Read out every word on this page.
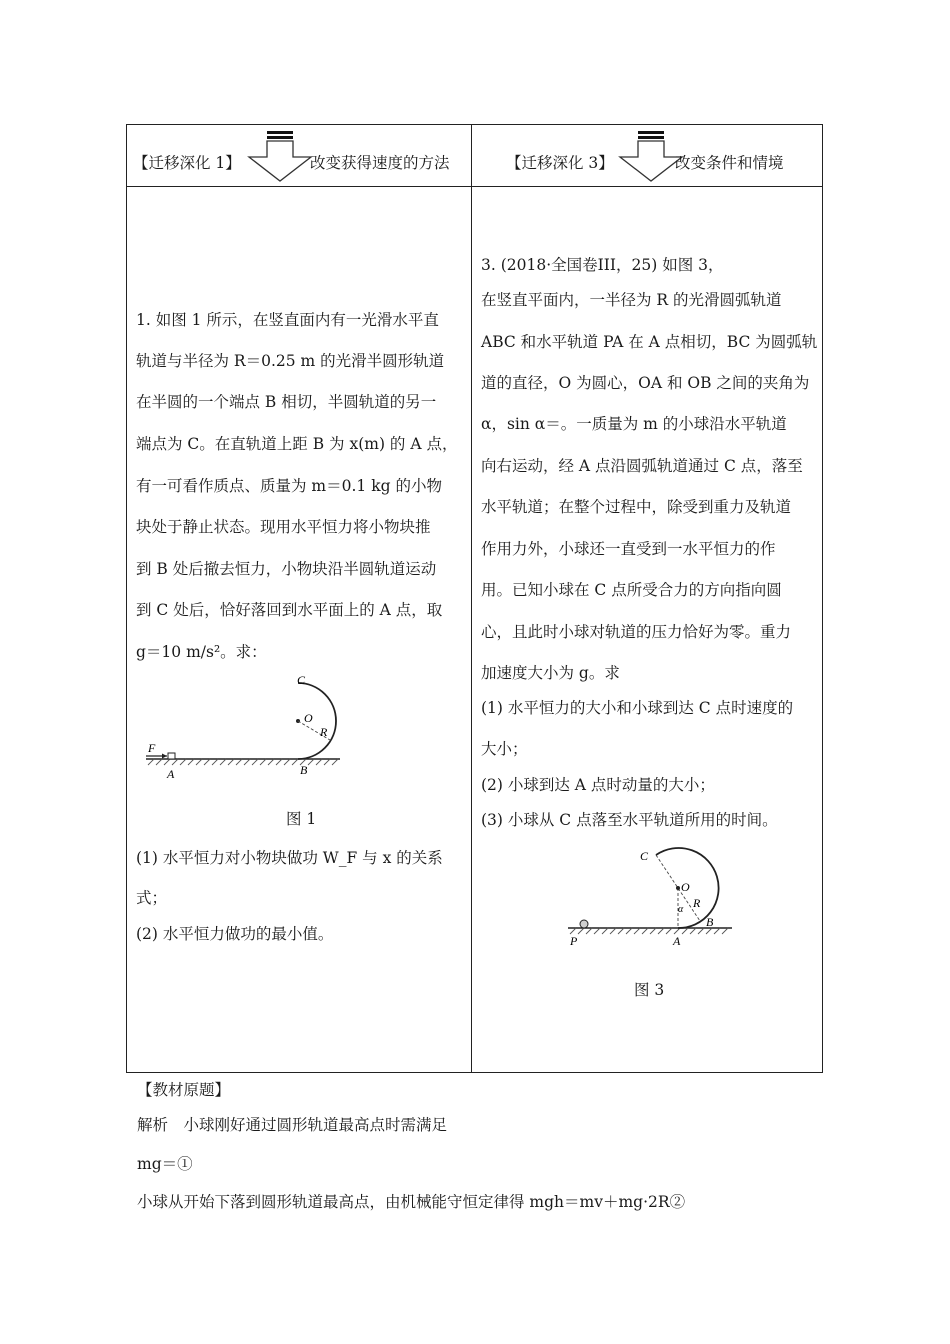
【迁移深化 1】	改变获得速度的方法	【迁移深化 3】	改变条件和情境
1. 如图 1 所示，在竖直面内有一光滑水平直
轨道与半径为 R＝0.25 m 的光滑半圆形轨道
在半圆的一个端点 B 相切，半圆轨道的另一
端点为 C。在直轨道上距 B 为 x(m) 的 A 点，
有一可看作质点、质量为 m＝0.1 kg 的小物
块处于静止状态。现用水平恒力将小物块推
到 B 处后撤去恒力，小物块沿半圆轨道运动
到 C 处后，恰好落回到水平面上的 A 点，取
g＝10 m/s²。求：
C
O
R
F
A	B
图 1
(1) 水平恒力对小物块做功 W_F 与 x 的关系
式；
(2) 水平恒力做功的最小值。
3. (2018·全国卷III，25) 如图 3，
在竖直平面内，一半径为 R 的光滑圆弧轨道
ABC 和水平轨道 PA 在 A 点相切，BC 为圆弧轨
道的直径，O 为圆心，OA 和 OB 之间的夹角为
α，sin α＝。一质量为 m 的小球沿水平轨道
向右运动，经 A 点沿圆弧轨道通过 C 点，落至
水平轨道；在整个过程中，除受到重力及轨道
作用力外，小球还一直受到一水平恒力的作
用。已知小球在 C 点所受合力的方向指向圆
心，且此时小球对轨道的压力恰好为零。重力
加速度大小为 g。求
(1) 水平恒力的大小和小球到达 C 点时速度的
大小；
(2) 小球到达 A 点时动量的大小；
(3) 小球从 C 点落至水平轨道所用的时间。
C
O
α R
P	A
B
图 3
【教材原题】
解析　小球刚好通过圆形轨道最高点时需满足
mg＝①
小球从开始下落到圆形轨道最高点，由机械能守恒定律得 mgh＝mv＋mg·2R②
